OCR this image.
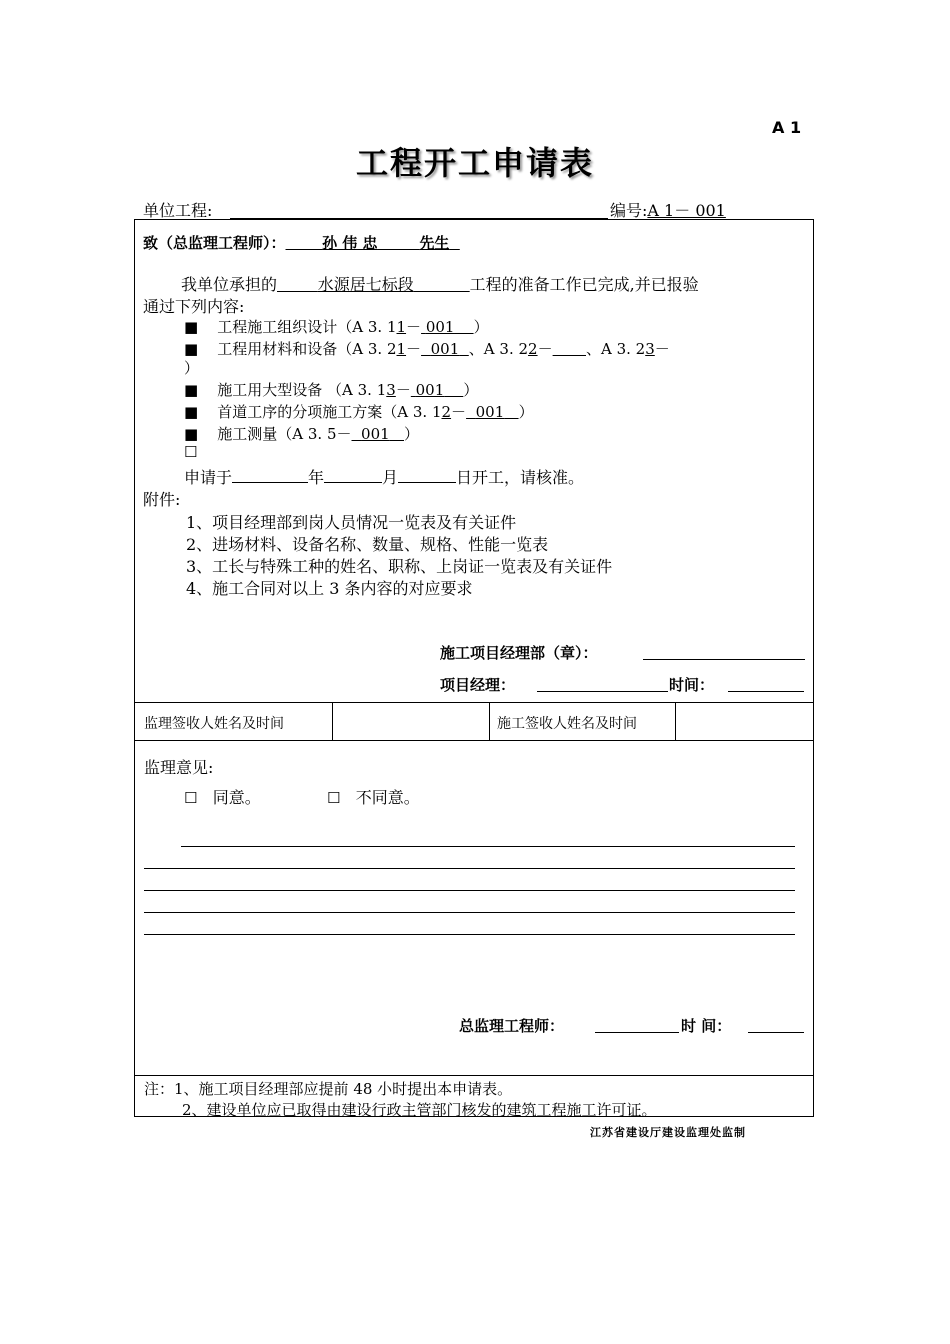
A 1
工程开工申请表
单位工程:	编号:A 1－ 001
致（总监理工程师）： 孙 伟 忠	先生
我单位承担的	水源居七标段	工程的准备工作已完成,并已报验
通过下列内容:
■ 工程施工组织设计（A 3. 11－ 001 ）
■ 工程用材料和设备（A 3. 21－ 001 、A 3. 22－ 、A 3. 23－
）
■ 施工用大型设备 （A 3. 13－ 001 ）
■ 首道工序的分项施工方案（A 3. 12－ 001 ）
■ 施工测量（A 3. 5－ 001 ）
☐
申请于	年	月	日开工，请核准。
附件:
1、项目经理部到岗人员情况一览表及有关证件
2、进场材料、设备名称、数量、规格、性能一览表
3、工长与特殊工种的姓名、职称、上岗证一览表及有关证件
4、施工合同对以上 3 条内容的对应要求
施工项目经理部（章）：
项目经理：	时间：
监理签收人姓名及时间	施工签收人姓名及时间
监理意见:
☐ 同意。	☐ 不同意。
总监理工程师：	时 间：
注：1、施工项目经理部应提前 48 小时提出本申请表。
2、建设单位应已取得由建设行政主管部门核发的建筑工程施工许可证。
江苏省建设厅建设监理处监制
